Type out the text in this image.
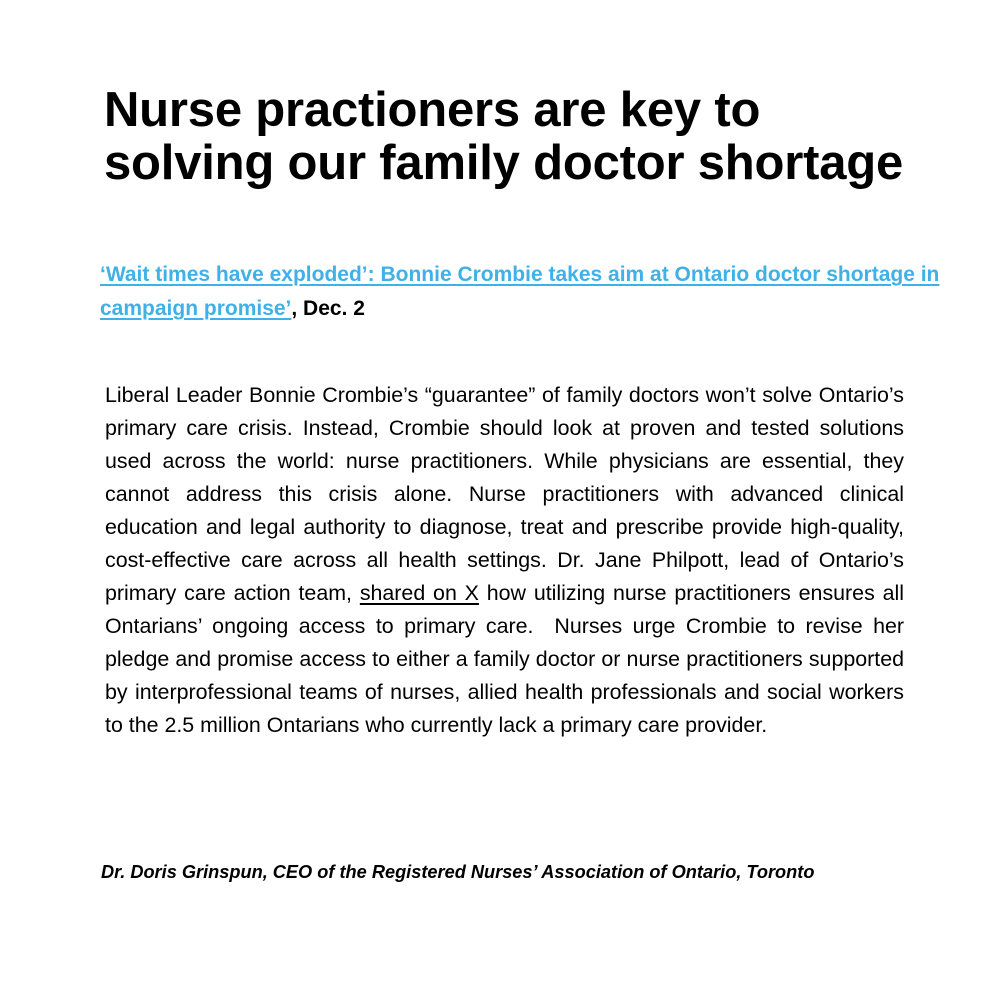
Nurse practioners are key to solving our family doctor shortage

‘Wait times have exploded’: Bonnie Crombie takes aim at Ontario doctor shortage in campaign promise’, Dec. 2

Liberal Leader Bonnie Crombie’s “guarantee” of family doctors won’t solve Ontario’s primary care crisis. Instead, Crombie should look at proven and tested solutions used across the world: nurse practitioners. While physicians are essential, they cannot address this crisis alone. Nurse practitioners with advanced clinical education and legal authority to diagnose, treat and prescribe provide high-quality, cost-effective care across all health settings. Dr. Jane Philpott, lead of Ontario’s primary care action team, shared on X how utilizing nurse practitioners ensures all Ontarians’ ongoing access to primary care.  Nurses urge Crombie to revise her pledge and promise access to either a family doctor or nurse practitioners supported by interprofessional teams of nurses, allied health professionals and social workers to the 2.5 million Ontarians who currently lack a primary care provider.

Dr. Doris Grinspun, CEO of the Registered Nurses’ Association of Ontario, Toronto
